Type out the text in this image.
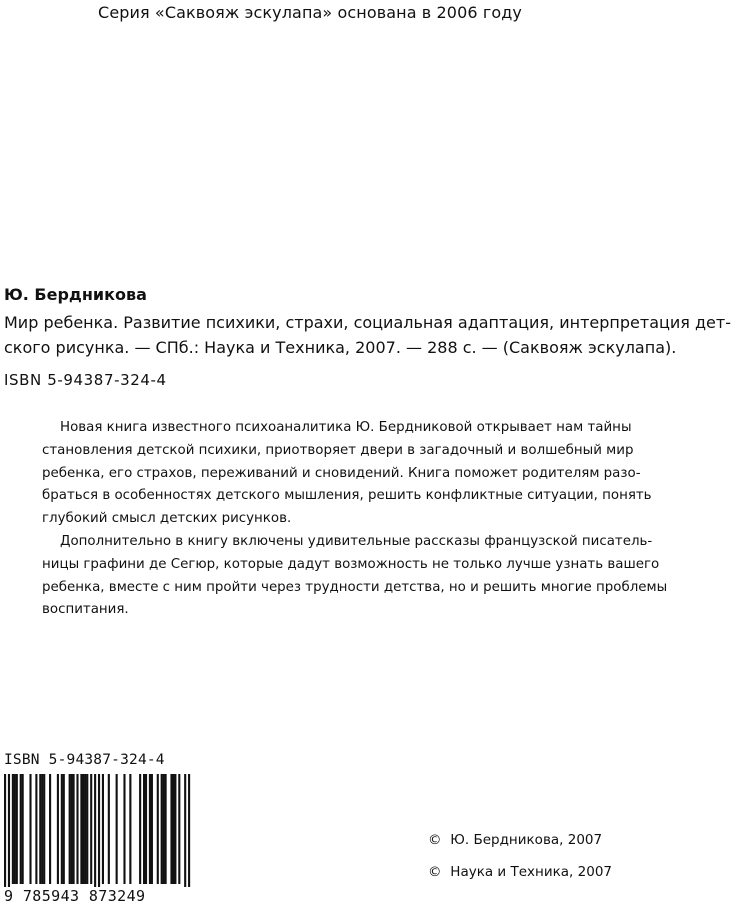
Серия «Саквояж эскулапа» основана в 2006 году
Ю. Бердникова
Мир ребенка. Развитие психики, страхи, социальная адаптация, интерпретация дет-
ского рисунка. — СПб.: Наука и Техника, 2007. — 288 с. — (Саквояж эскулапа).
ISBN 5-94387-324-4
Новая книга известного психоаналитика Ю. Бердниковой открывает нам тайны
становления детской психики, приотворяет двери в загадочный и волшебный мир
ребенка, его страхов, переживаний и сновидений. Книга поможет родителям разо-
браться в особенностях детского мышления, решить конфликтные ситуации, понять
глубокий смысл детских рисунков.
Дополнительно в книгу включены удивительные рассказы французской писатель-
ницы графини де Сегюр, которые дадут возможность не только лучше узнать вашего
ребенка, вместе с ним пройти через трудности детства, но и решить многие проблемы
воспитания.
ISBN 5-94387-324-4
9 785943 873249
© Ю. Бердникова, 2007
© Наука и Техника, 2007
